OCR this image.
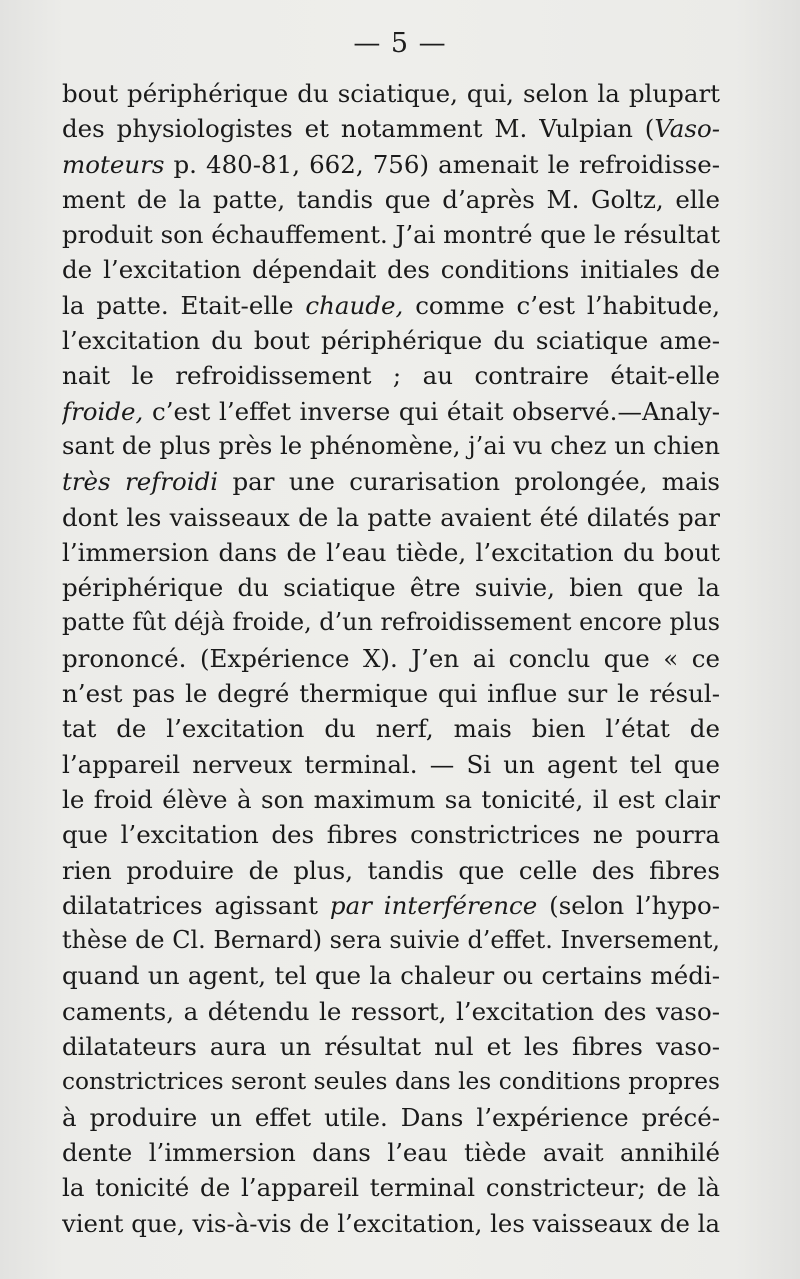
— 5 —
bout périphérique du sciatique, qui, selon la plupart
des physiologistes et notamment M. Vulpian (Vaso-
moteurs p. 480-81, 662, 756) amenait le refroidisse-
ment de la patte, tandis que d’après M. Goltz, elle
produit son échauffement. J’ai montré que le résultat
de l’excitation dépendait des conditions initiales de
la patte. Etait-elle chaude, comme c’est l’habitude,
l’excitation du bout périphérique du sciatique ame-
nait le refroidissement ; au contraire était-elle
froide, c’est l’effet inverse qui était observé.—Analy-
sant de plus près le phénomène, j’ai vu chez un chien
très refroidi par une curarisation prolongée, mais
dont les vaisseaux de la patte avaient été dilatés par
l’immersion dans de l’eau tiède, l’excitation du bout
périphérique du sciatique être suivie, bien que la
patte fût déjà froide, d’un refroidissement encore plus
prononcé. (Expérience X). J’en ai conclu que « ce
n’est pas le degré thermique qui influe sur le résul-
tat de l’excitation du nerf, mais bien l’état de
l’appareil nerveux terminal. — Si un agent tel que
le froid élève à son maximum sa tonicité, il est clair
que l’excitation des fibres constrictrices ne pourra
rien produire de plus, tandis que celle des fibres
dilatatrices agissant par interférence (selon l’hypo-
thèse de Cl. Bernard) sera suivie d’effet. Inversement,
quand un agent, tel que la chaleur ou certains médi-
caments, a détendu le ressort, l’excitation des vaso-
dilatateurs aura un résultat nul et les fibres vaso-
constrictrices seront seules dans les conditions propres
à produire un effet utile. Dans l’expérience précé-
dente l’immersion dans l’eau tiède avait annihilé
la tonicité de l’appareil terminal constricteur; de là
vient que, vis-à-vis de l’excitation, les vaisseaux de la
